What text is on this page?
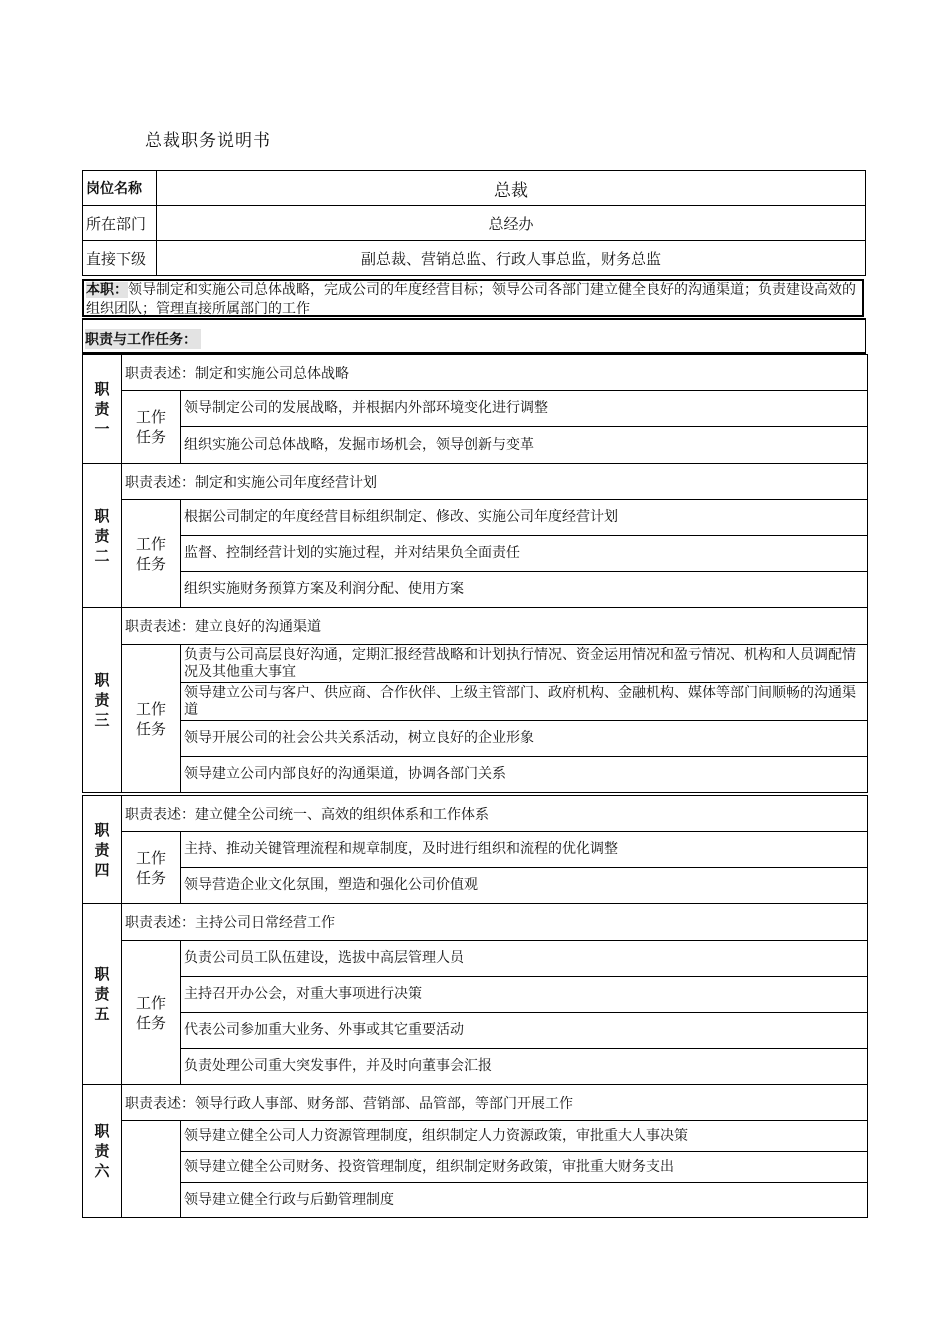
总裁职务说明书
岗位名称	总裁
所在部门	总经办
直接下级	副总裁、营销总监、行政人事总监，财务总监
本职：领导制定和实施公司总体战略，完成公司的年度经营目标；领导公司各部门建立健全良好的沟通渠道；负责建设高效的组织团队；管理直接所属部门的工作
职责与工作任务：
职
责
一	职责表述：制定和实施公司总体战略	

	工作
任务	领导制定公司的发展战略，并根据内外部环境变化进行调整
		组织实施公司总体战略，发掘市场机会，领导创新与变革
职
责
二	职责表述：制定和实施公司年度经营计划	

	工作
任务	根据公司制定的年度经营目标组织制定、修改、实施公司年度经营计划
		监督、控制经营计划的实施过程，并对结果负全面责任
		组织实施财务预算方案及利润分配、使用方案
职
责
三	职责表述：建立良好的沟通渠道	

	工作
任务	负责与公司高层良好沟通，定期汇报经营战略和计划执行情况、资金运用情况和盈亏情况、机构和人员调配情况及其他重大事宜
		领导建立公司与客户、供应商、合作伙伴、上级主管部门、政府机构、金融机构、媒体等部门间顺畅的沟通渠道
		领导开展公司的社会公共关系活动，树立良好的企业形象
		领导建立公司内部良好的沟通渠道，协调各部门关系
职
责
四	职责表述：建立健全公司统一、高效的组织体系和工作体系	

	工作
任务	主持、推动关键管理流程和规章制度，及时进行组织和流程的优化调整
		领导营造企业文化氛围，塑造和强化公司价值观
职
责
五	职责表述：主持公司日常经营工作	

	工作
任务	负责公司员工队伍建设，选拔中高层管理人员
		主持召开办公会，对重大事项进行决策
		代表公司参加重大业务、外事或其它重要活动
		负责处理公司重大突发事件，并及时向董事会汇报
职
责
六	职责表述：领导行政人事部、财务部、营销部、品管部，等部门开展工作	
		领导建立健全公司人力资源管理制度，组织制定人力资源政策，审批重大人事决策
		领导建立健全公司财务、投资管理制度，组织制定财务政策，审批重大财务支出
		领导建立健全行政与后勤管理制度
